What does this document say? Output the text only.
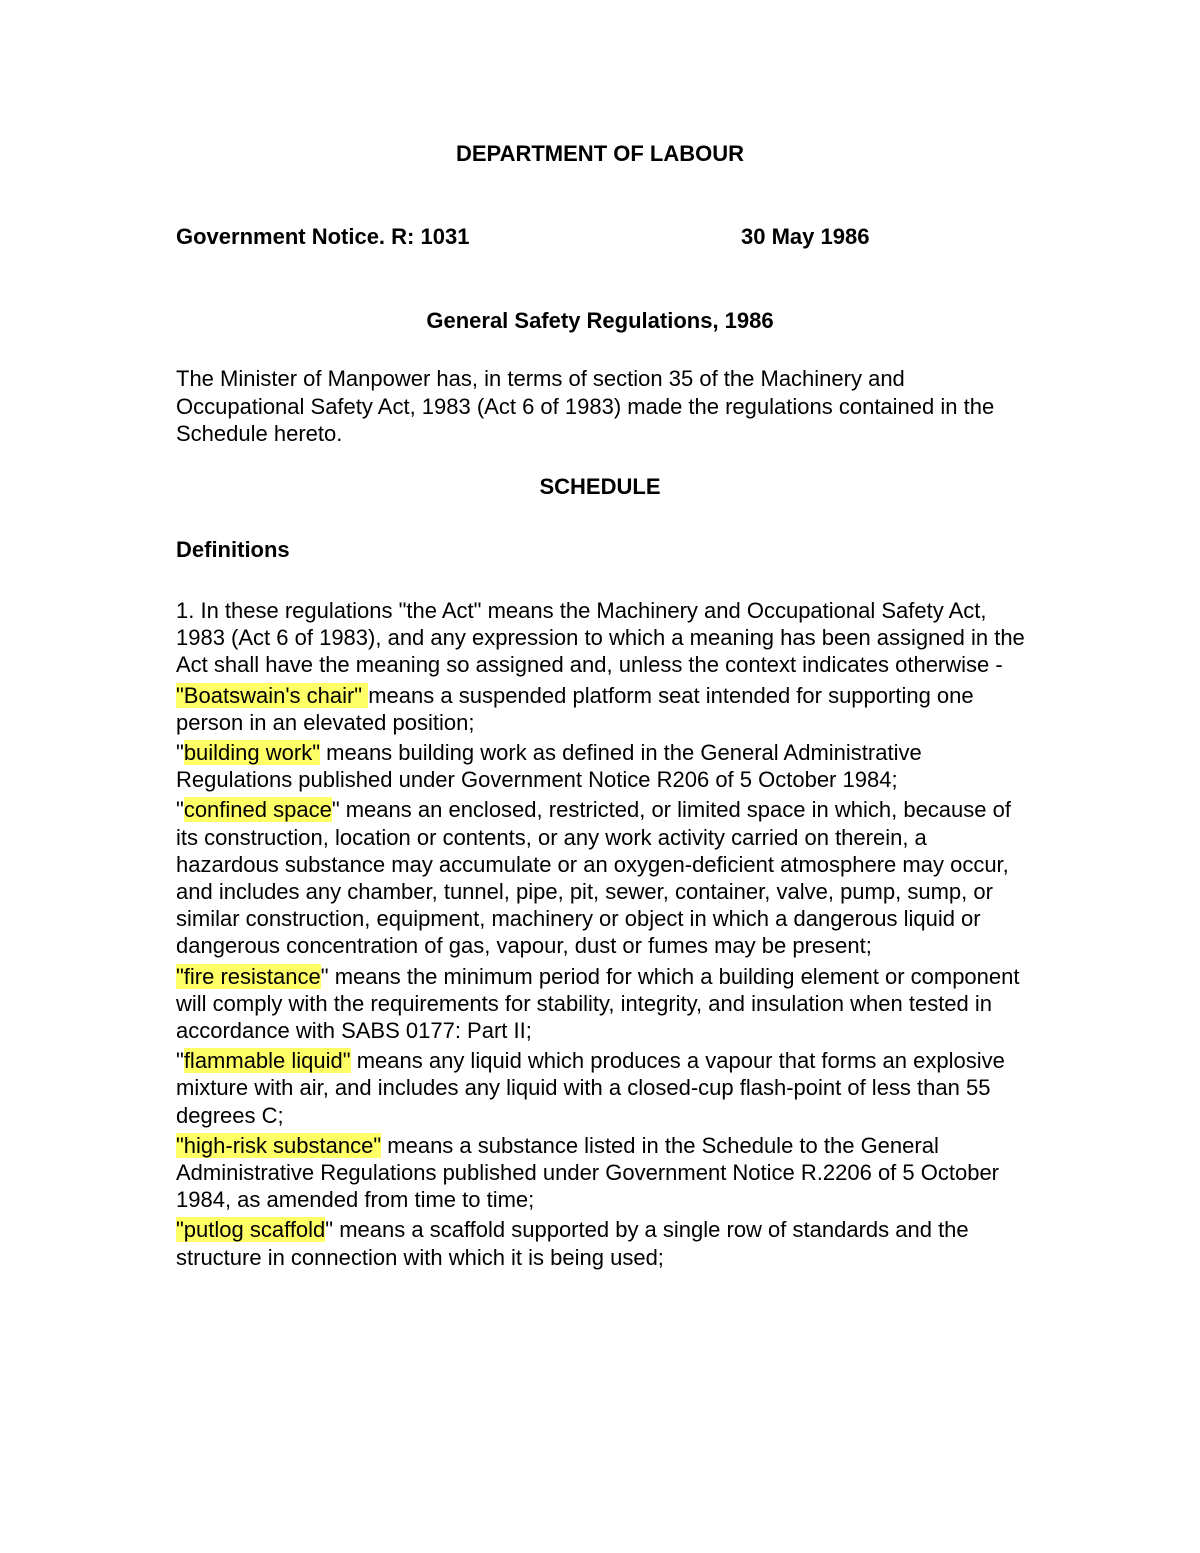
DEPARTMENT OF LABOUR
Government Notice. R: 1031	30 May 1986
General Safety Regulations, 1986
The Minister of Manpower has, in terms of section 35 of the Machinery and Occupational Safety Act, 1983 (Act 6 of 1983) made the regulations contained in the Schedule hereto.
SCHEDULE
Definitions

1. In these regulations "the Act" means the Machinery and Occupational Safety Act, 1983 (Act 6 of 1983), and any expression to which a meaning has been assigned in the Act shall have the meaning so assigned and, unless the context indicates otherwise -

"Boatswain's chair" means a suspended platform seat intended for supporting one person in an elevated position;

"building work" means building work as defined in the General Administrative Regulations published under Government Notice R206 of 5 October 1984;

"confined space" means an enclosed, restricted, or limited space in which, because of its construction, location or contents, or any work activity carried on therein, a hazardous substance may accumulate or an oxygen-deficient atmosphere may occur, and includes any chamber, tunnel, pipe, pit, sewer, container, valve, pump, sump, or similar construction, equipment, machinery or object in which a dangerous liquid or dangerous concentration of gas, vapour, dust or fumes may be present;

"fire resistance" means the minimum period for which a building element or component will comply with the requirements for stability, integrity, and insulation when tested in accordance with SABS 0177: Part II;

"flammable liquid" means any liquid which produces a vapour that forms an explosive mixture with air, and includes any liquid with a closed-cup flash-point of less than 55 degrees C;

"high-risk substance" means a substance listed in the Schedule to the General Administrative Regulations published under Government Notice R.2206 of 5 October 1984, as amended from time to time;

"putlog scaffold" means a scaffold supported by a single row of standards and the structure in connection with which it is being used;
